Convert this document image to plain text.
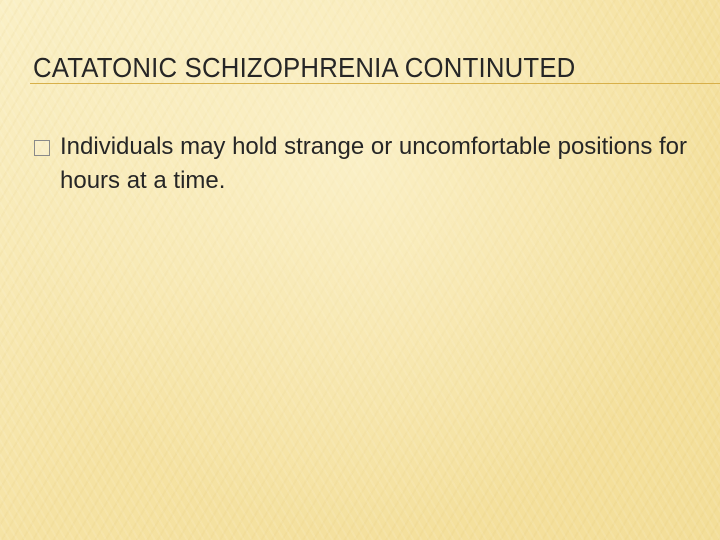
CATATONIC SCHIZOPHRENIA CONTINUTED
Individuals may hold strange or uncomfortable positions for hours at a time.
